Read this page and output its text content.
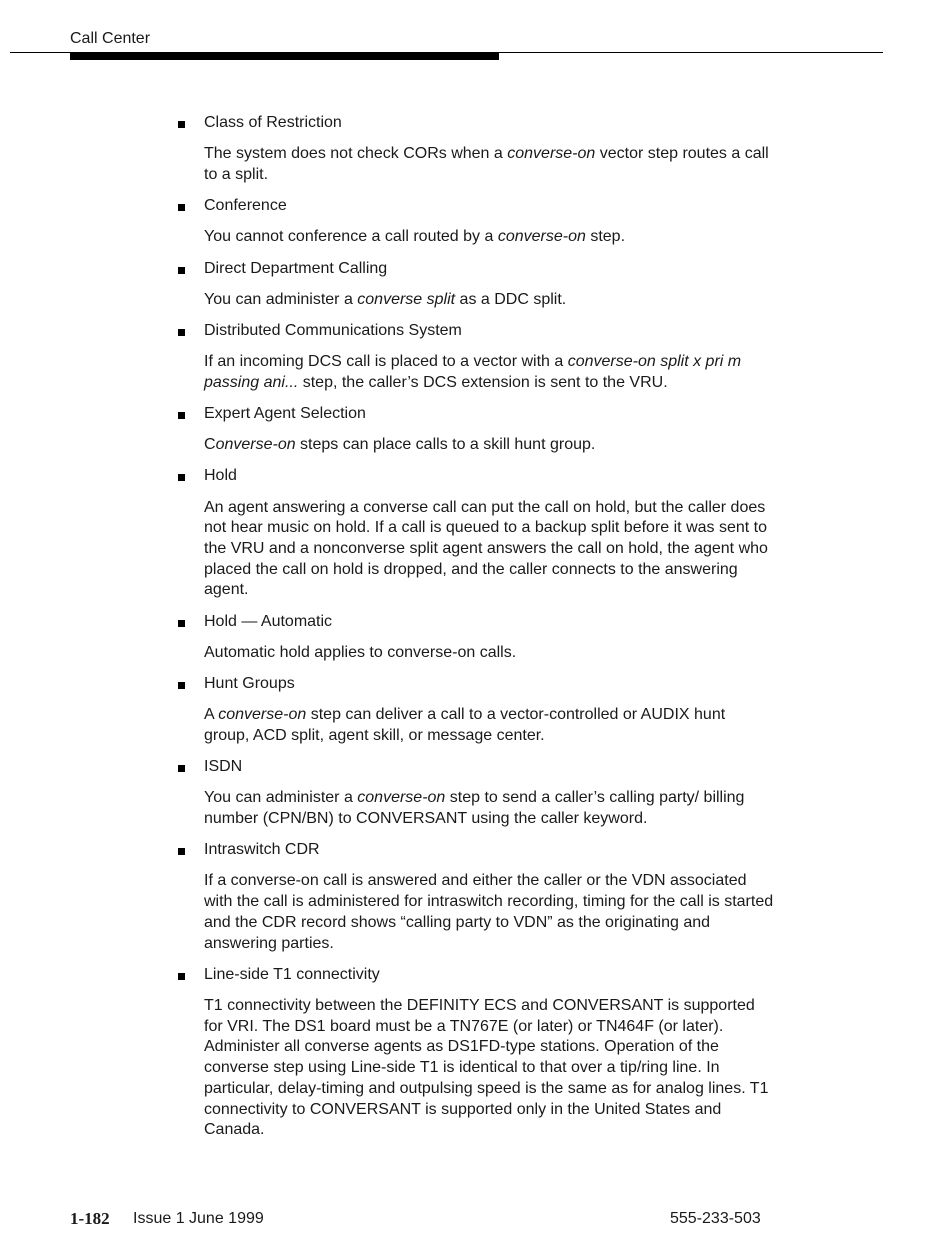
Call Center
Class of Restriction
The system does not check CORs when a converse-on vector step routes a call to a split.
Conference
You cannot conference a call routed by a converse-on step.
Direct Department Calling
You can administer a converse split as a DDC split.
Distributed Communications System
If an incoming DCS call is placed to a vector with a converse-on split x pri m passing ani... step, the caller’s DCS extension is sent to the VRU.
Expert Agent Selection
Converse-on steps can place calls to a skill hunt group.
Hold
An agent answering a converse call can put the call on hold, but the caller does not hear music on hold. If a call is queued to a backup split before it was sent to the VRU and a nonconverse split agent answers the call on hold, the agent who placed the call on hold is dropped, and the caller connects to the answering agent.
Hold — Automatic
Automatic hold applies to converse-on calls.
Hunt Groups
A converse-on step can deliver a call to a vector-controlled or AUDIX hunt group, ACD split, agent skill, or message center.
ISDN
You can administer a converse-on step to send a caller’s calling party/ billing number (CPN/BN) to CONVERSANT using the caller keyword.
Intraswitch CDR
If a converse-on call is answered and either the caller or the VDN associated with the call is administered for intraswitch recording, timing for the call is started and the CDR record shows “calling party to VDN” as the originating and answering parties.
Line-side T1 connectivity
T1 connectivity between the DEFINITY ECS and CONVERSANT is supported for VRI. The DS1 board must be a TN767E (or later) or TN464F (or later). Administer all converse agents as DS1FD-type stations. Operation of the converse step using Line-side T1 is identical to that over a tip/ring line. In particular, delay-timing and outpulsing speed is the same as for analog lines. T1 connectivity to CONVERSANT is supported only in the United States and Canada.
1-182 Issue 1 June 1999	555-233-503
